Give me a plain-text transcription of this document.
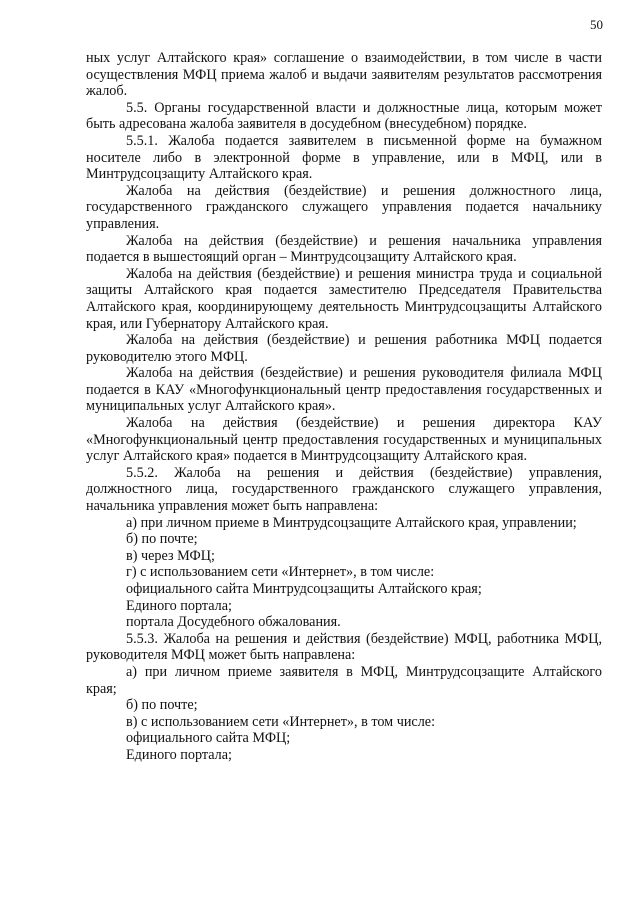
50

ных услуг Алтайского края» соглашение о взаимодействии, в том числе в части осуществления МФЦ приема жалоб и выдачи заявителям результатов рассмотрения жалоб.

5.5. Органы государственной власти и должностные лица, которым может быть адресована жалоба заявителя в досудебном (внесудебном) порядке.

5.5.1. Жалоба подается заявителем в письменной форме на бумажном носителе либо в электронной форме в управление, или в МФЦ, или в Минтрудсоцзащиту Алтайского края.

Жалоба на действия (бездействие) и решения должностного лица, государственного гражданского служащего управления подается начальнику управления.

Жалоба на действия (бездействие) и решения начальника управления подается в вышестоящий орган – Минтрудсоцзащиту Алтайского края.

Жалоба на действия (бездействие) и решения министра труда и социальной защиты Алтайского края подается заместителю Председателя Правительства Алтайского края, координирующему деятельность Минтрудсоцзащиты Алтайского края, или Губернатору Алтайского края.

Жалоба на действия (бездействие) и решения работника МФЦ подается руководителю этого МФЦ.

Жалоба на действия (бездействие) и решения руководителя филиала МФЦ подается в КАУ «Многофункциональный центр предоставления государственных и муниципальных услуг Алтайского края».

Жалоба на действия (бездействие) и решения директора КАУ «Многофункциональный центр предоставления государственных и муниципальных услуг Алтайского края» подается в Минтрудсоцзащиту Алтайского края.

5.5.2. Жалоба на решения и действия (бездействие) управления, должностного лица, государственного гражданского служащего управления, начальника управления может быть направлена:

а) при личном приеме в Минтрудсоцзащите Алтайского края, управлении;

б) по почте;

в) через МФЦ;

г) с использованием сети «Интернет», в том числе:

официального сайта Минтрудсоцзащиты Алтайского края;

Единого портала;

портала Досудебного обжалования.

5.5.3. Жалоба на решения и действия (бездействие) МФЦ, работника МФЦ, руководителя МФЦ может быть направлена:

а) при личном приеме заявителя в МФЦ, Минтрудсоцзащите Алтайского края;

б) по почте;

в) с использованием сети «Интернет», в том числе:

официального сайта МФЦ;

Единого портала;
